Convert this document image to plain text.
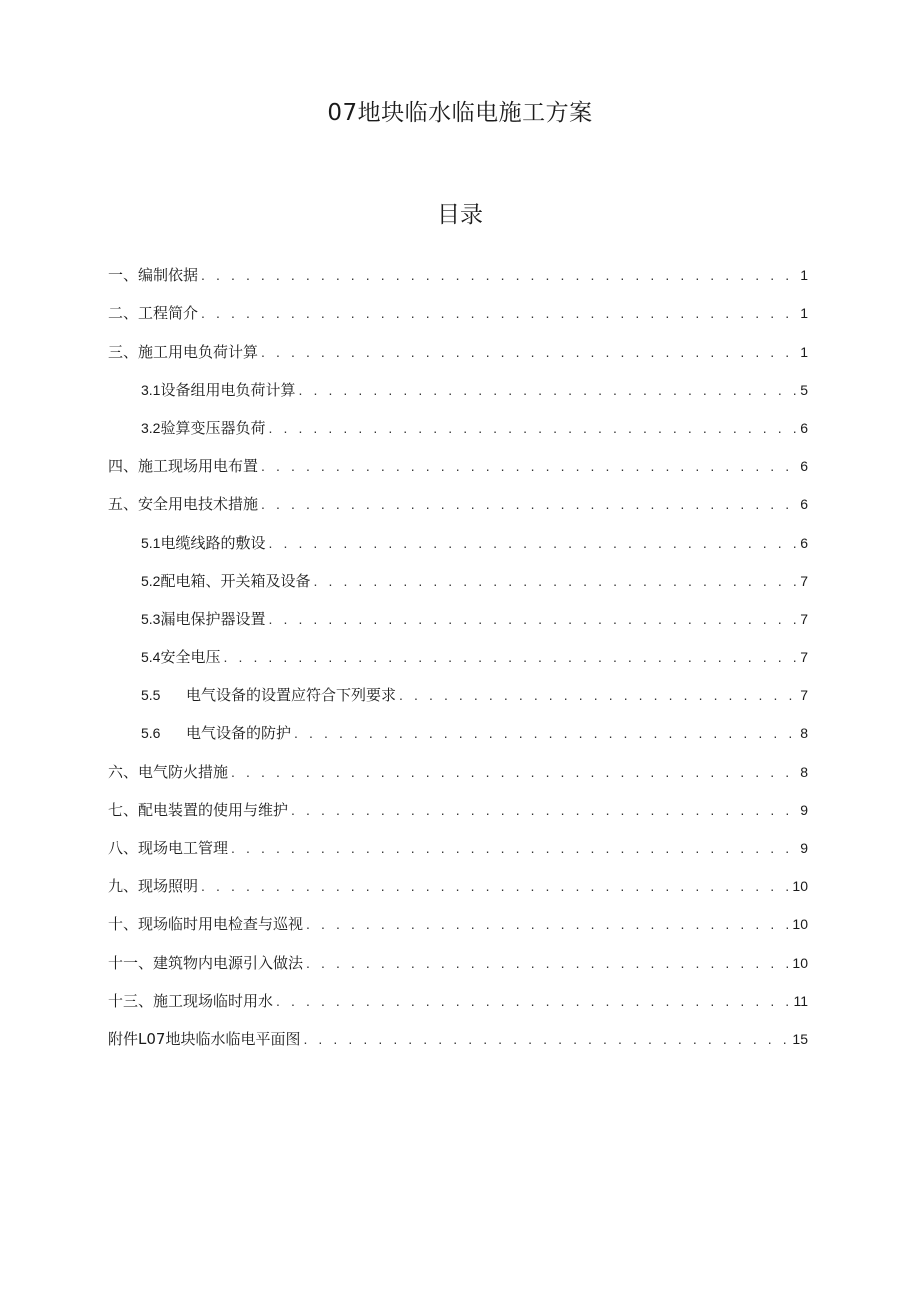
07地块临水临电施工方案
目录
一、编制依据 . . .	1
二、工程简介 . . .	1
三、施工用电负荷计算 . . .	1
3.1设备组用电负荷计算 . . .	5
3.2验算变压器负荷 . . .	6
四、施工现场用电布置 . . .	6
五、安全用电技术措施 . . .	6
5.1电缆线路的敷设 . . .	6
5.2配电箱、开关箱及设备 . . .	7
5.3漏电保护器设置 . . .	7
5.4安全电压 . . .	7
5.5 电气设备的设置应符合下列要求 . . .	7
5.6 电气设备的防护 . . .	8
六、电气防火措施 . . .	8
七、配电装置的使用与维护 . . .	9
八、现场电工管理 . . .	9
九、现场照明 . . .	10
十、现场临时用电检查与巡视 . . .	10
十一、建筑物内电源引入做法 . . .	10
十三、施工现场临时用水 . . .	11
附件L07地块临水临电平面图 . . .	15
